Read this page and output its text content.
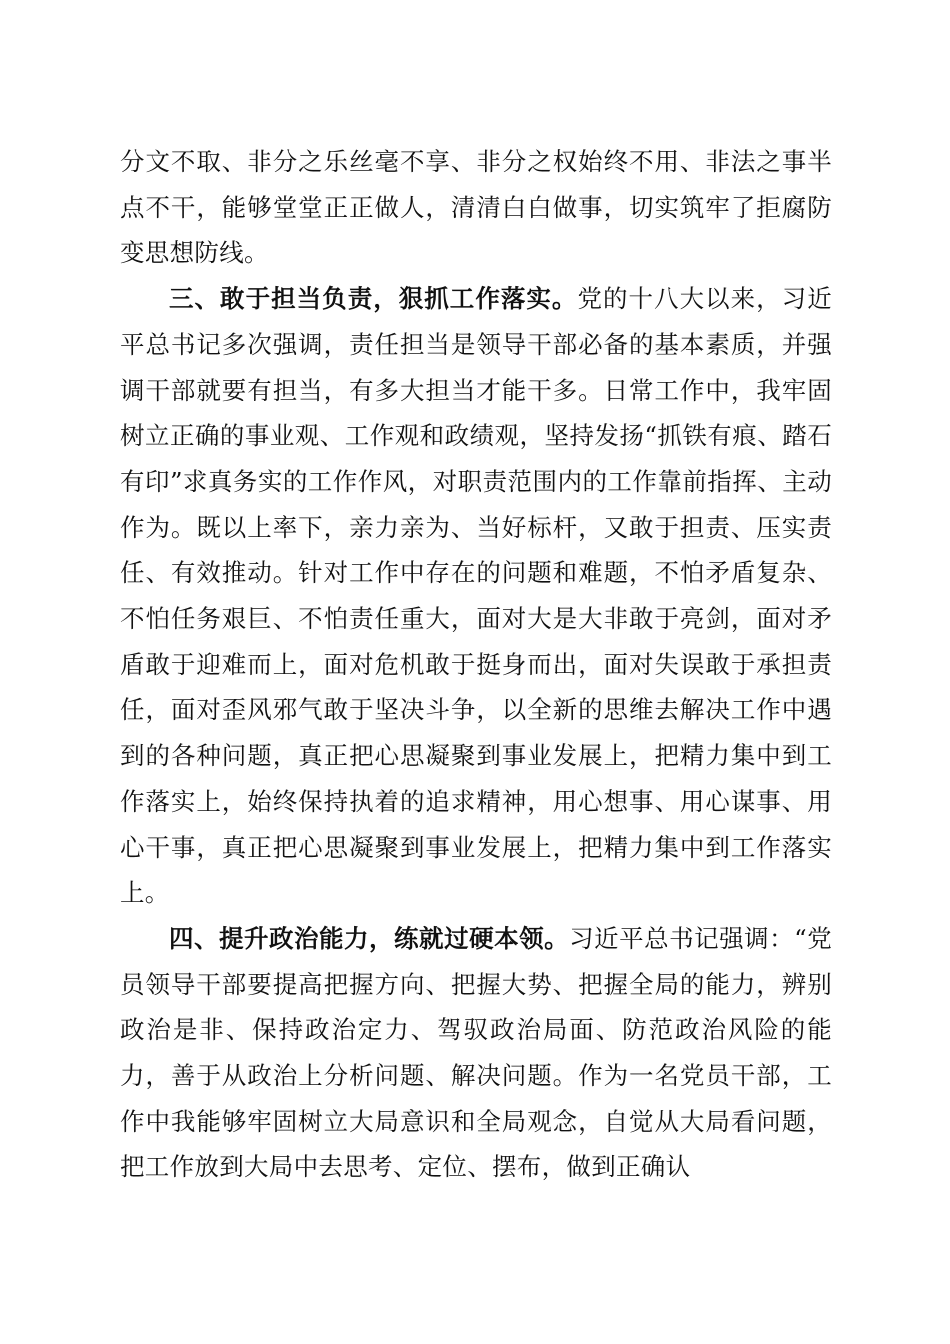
分文不取、非分之乐丝毫不享、非分之权始终不用、非法之事半点不干，能够堂堂正正做人，清清白白做事，切实筑牢了拒腐防变思想防线。

三、敢于担当负责，狠抓工作落实。党的十八大以来，习近平总书记多次强调，责任担当是领导干部必备的基本素质，并强调干部就要有担当，有多大担当才能干多。日常工作中，我牢固树立正确的事业观、工作观和政绩观，坚持发扬“抓铁有痕、踏石有印”求真务实的工作作风，对职责范围内的工作靠前指挥、主动作为。既以上率下，亲力亲为、当好标杆，又敢于担责、压实责任、有效推动。针对工作中存在的问题和难题，不怕矛盾复杂、不怕任务艰巨、不怕责任重大，面对大是大非敢于亮剑，面对矛盾敢于迎难而上，面对危机敢于挺身而出，面对失误敢于承担责任，面对歪风邪气敢于坚决斗争，以全新的思维去解决工作中遇到的各种问题，真正把心思凝聚到事业发展上，把精力集中到工作落实上，始终保持执着的追求精神，用心想事、用心谋事、用心干事，真正把心思凝聚到事业发展上，把精力集中到工作落实上。

四、提升政治能力，练就过硬本领。习近平总书记强调：“党员领导干部要提高把握方向、把握大势、把握全局的能力，辨别政治是非、保持政治定力、驾驭政治局面、防范政治风险的能力，善于从政治上分析问题、解决问题。作为一名党员干部，工作中我能够牢固树立大局意识和全局观念，自觉从大局看问题，把工作放到大局中去思考、定位、摆布，做到正确认
